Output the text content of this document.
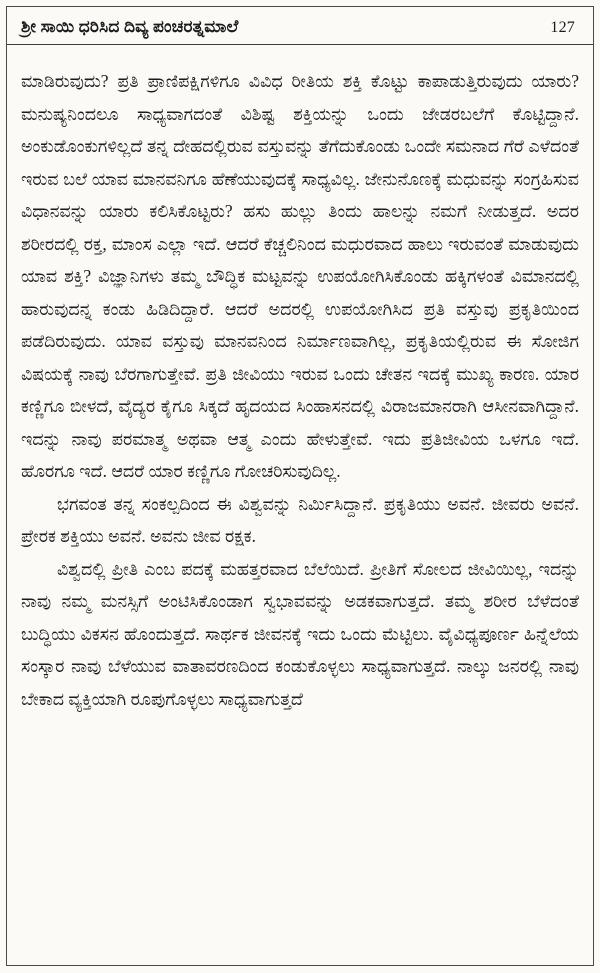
ಶ್ರೀ ಸಾಯಿ ಧರಿಸಿದ ದಿವ್ಯ ಪಂಚರತ್ನಮಾಲೆ	127

ಮಾಡಿರುವುದು? ಪ್ರತಿ ಪ್ರಾಣಿಪಕ್ಷಿಗಳಿಗೂ ವಿವಿಧ ರೀತಿಯ ಶಕ್ತಿ ಕೊಟ್ಟು ಕಾಪಾಡುತ್ತಿರುವುದು ಯಾರು? ಮನುಷ್ಯನಿಂದಲೂ ಸಾಧ್ಯವಾಗದಂತೆ ವಿಶಿಷ್ಟ ಶಕ್ತಿಯನ್ನು ಒಂದು ಜೇಡರಬಲೆಗೆ ಕೊಟ್ಟಿದ್ದಾನೆ. ಅಂಕುಡೊಂಕುಗಳಿಲ್ಲದೆ ತನ್ನ ದೇಹದಲ್ಲಿರುವ ವಸ್ತುವನ್ನು ತೆಗೆದುಕೊಂಡು ಒಂದೇ ಸಮನಾದ ಗೆರೆ ಎಳೆದಂತೆ ಇರುವ ಬಲೆ ಯಾವ ಮಾನವನಿಗೂ ಹೆಣೆಯುವುದಕ್ಕೆ ಸಾಧ್ಯವಿಲ್ಲ. ಜೇನುನೊಣಕ್ಕೆ ಮಧುವನ್ನು ಸಂಗ್ರಹಿಸುವ ವಿಧಾನವನ್ನು ಯಾರು ಕಲಿಸಿಕೊಟ್ಟರು? ಹಸು ಹುಲ್ಲು ತಿಂದು ಹಾಲನ್ನು ನಮಗೆ ನೀಡುತ್ತದೆ. ಅದರ ಶರೀರದಲ್ಲಿ ರಕ್ತ, ಮಾಂಸ ಎಲ್ಲಾ ಇದೆ. ಆದರೆ ಕೆಚ್ಚಲಿನಿಂದ ಮಧುರವಾದ ಹಾಲು ಇರುವಂತೆ ಮಾಡುವುದು ಯಾವ ಶಕ್ತಿ? ವಿಜ್ಞಾನಿಗಳು ತಮ್ಮ ಬೌದ್ಧಿಕ ಮಟ್ಟವನ್ನು ಉಪಯೋಗಿಸಿಕೊಂಡು ಹಕ್ಕಿಗಳಂತೆ ವಿಮಾನದಲ್ಲಿ ಹಾರುವುದನ್ನ ಕಂಡು ಹಿಡಿದಿದ್ದಾರೆ. ಆದರೆ ಅದರಲ್ಲಿ ಉಪಯೋಗಿಸಿದ ಪ್ರತಿ ವಸ್ತುವು ಪ್ರಕೃತಿಯಿಂದ ಪಡೆದಿರುವುದು. ಯಾವ ವಸ್ತುವು ಮಾನವನಿಂದ ನಿರ್ಮಾಣವಾಗಿಲ್ಲ, ಪ್ರಕೃತಿಯಲ್ಲಿರುವ ಈ ಸೋಜಿಗ ವಿಷಯಕ್ಕೆ ನಾವು ಬೆರಗಾಗುತ್ತೇವೆ. ಪ್ರತಿ ಜೀವಿಯು ಇರುವ ಒಂದು ಚೇತನ ಇದಕ್ಕೆ ಮುಖ್ಯ ಕಾರಣ. ಯಾರ ಕಣ್ಣಿಗೂ ಬೀಳದೆ, ವೈದ್ಯರ ಕೈಗೂ ಸಿಕ್ಕದೆ ಹೃದಯದ ಸಿಂಹಾಸನದಲ್ಲಿ ವಿರಾಜಮಾನರಾಗಿ ಆಸೀನವಾಗಿದ್ದಾನೆ. ಇದನ್ನು ನಾವು ಪರಮಾತ್ಮ ಅಥವಾ ಆತ್ಮ ಎಂದು ಹೇಳುತ್ತೇವೆ. ಇದು ಪ್ರತಿಜೀವಿಯ ಒಳಗೂ ಇದೆ. ಹೊರಗೂ ಇದೆ. ಆದರೆ ಯಾರ ಕಣ್ಣಿಗೂ ಗೋಚರಿಸುವುದಿಲ್ಲ.

ಭಗವಂತ ತನ್ನ ಸಂಕಲ್ಪದಿಂದ ಈ ವಿಶ್ವವನ್ನು ನಿರ್ಮಿಸಿದ್ದಾನೆ. ಪ್ರಕೃತಿಯು ಅವನೆ. ಜೀವರು ಅವನೆ. ಪ್ರೇರಕ ಶಕ್ತಿಯು ಅವನೆ. ಅವನು ಜೀವ ರಕ್ಷಕ.

ವಿಶ್ವದಲ್ಲಿ ಪ್ರೀತಿ ಎಂಬ ಪದಕ್ಕೆ ಮಹತ್ತರವಾದ ಬೆಲೆಯಿದೆ. ಪ್ರೀತಿಗೆ ಸೋಲದ ಜೀವಿಯಿಲ್ಲ, ಇದನ್ನು ನಾವು ನಮ್ಮ ಮನಸ್ಸಿಗೆ ಅಂಟಿಸಿಕೊಂಡಾಗ ಸ್ವಭಾವವನ್ನು ಅಡಕವಾಗುತ್ತದೆ. ತಮ್ಮ ಶರೀರ ಬೆಳೆದಂತೆ ಬುದ್ಧಿಯು ವಿಕಸನ ಹೊಂದುತ್ತದೆ. ಸಾರ್ಥಕ ಜೀವನಕ್ಕೆ ಇದು ಒಂದು ಮೆಟ್ಟಿಲು. ವೈವಿಧ್ಯಪೂರ್ಣ ಹಿನ್ನೆಲೆಯ ಸಂಸ್ಕಾರ ನಾವು ಬೆಳೆಯುವ ವಾತಾವರಣದಿಂದ ಕಂಡುಕೊಳ್ಳಲು ಸಾಧ್ಯವಾಗುತ್ತದೆ. ನಾಲ್ಕು ಜನರಲ್ಲಿ ನಾವು ಬೇಕಾದ ವ್ಯಕ್ತಿಯಾಗಿ ರೂಪುಗೊಳ್ಳಲು ಸಾಧ್ಯವಾಗುತ್ತದೆ
